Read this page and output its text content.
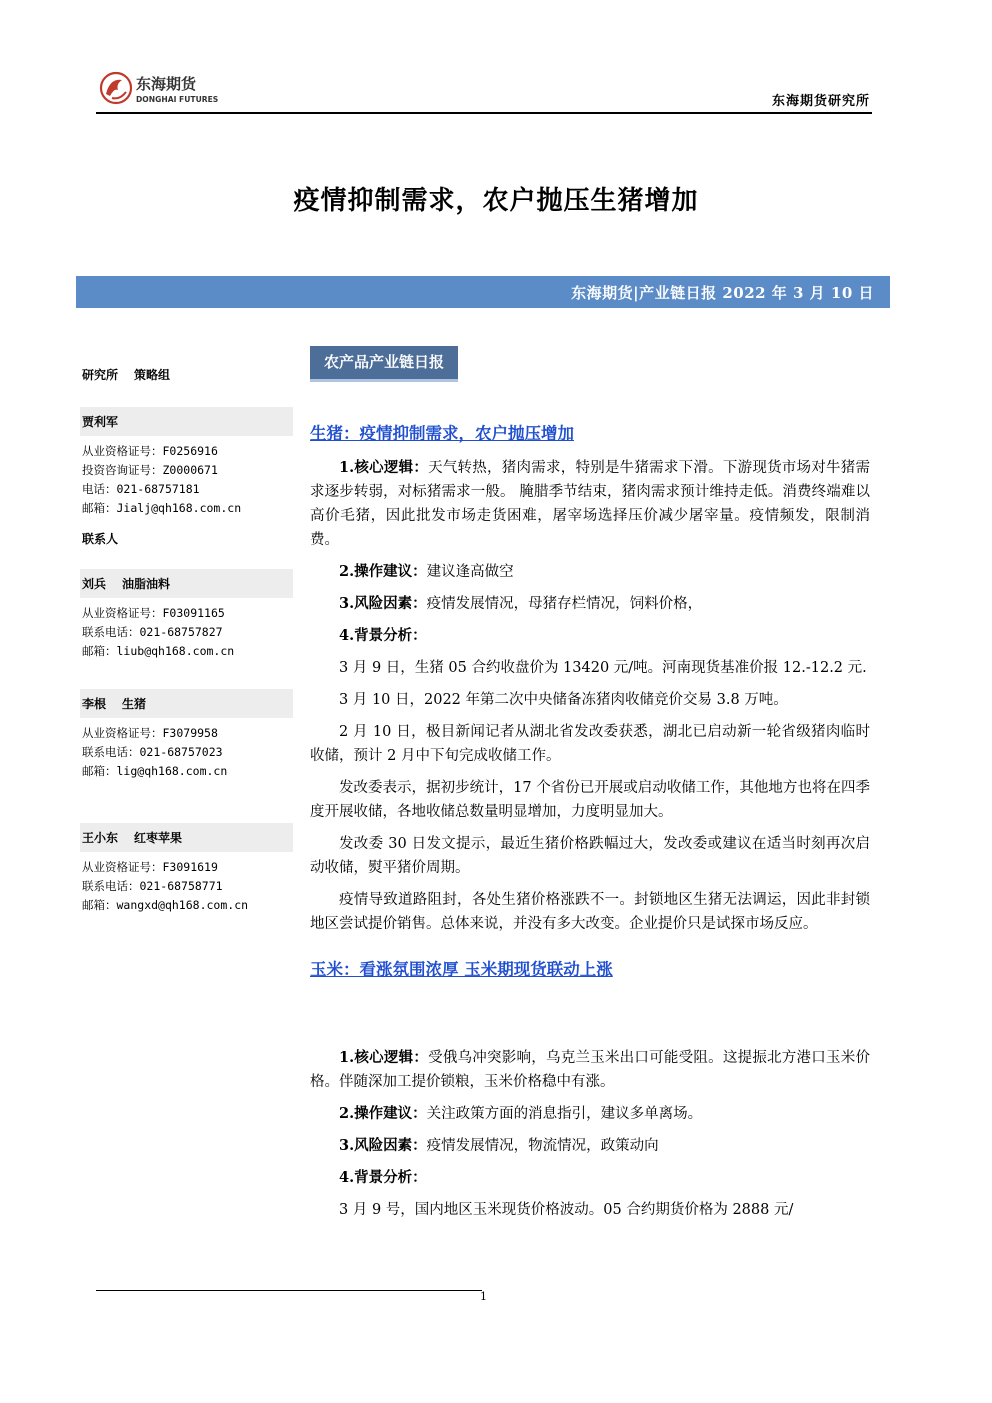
东海期货
DONGHAI FUTURES	东海期货研究所
疫情抑制需求，农户抛压生猪增加
东海期货|产业链日报 2022 年 3 月 10 日
研究所 策略组
贾利军
从业资格证号：F0256916
投资咨询证号：Z0000671
电话：021-68757181
邮箱：Jialj@qh168.com.cn
联系人
刘兵 油脂油料
从业资格证号：F03091165
联系电话：021-68757827
邮箱：liub@qh168.com.cn
李根 生猪
从业资格证号：F3079958
联系电话：021-68757023
邮箱：lig@qh168.com.cn
王小东 红枣苹果
从业资格证号：F3091619
联系电话：021-68758771
邮箱：wangxd@qh168.com.cn
农产品产业链日报
生猪：疫情抑制需求，农户抛压增加

1.核心逻辑：天气转热，猪肉需求，特别是牛猪需求下滑。下游现货市场对牛猪需求逐步转弱，对标猪需求一般。 腌腊季节结束，猪肉需求预计维持走低。消费终端难以高价毛猪，因此批发市场走货困难，屠宰场选择压价减少屠宰量。疫情频发，限制消费。

2.操作建议：建议逢高做空

3.风险因素：疫情发展情况，母猪存栏情况，饲料价格，

4.背景分析：

3 月 9 日，生猪 05 合约收盘价为 13420 元/吨。河南现货基准价报 12.-12.2 元.

3 月 10 日，2022 年第二次中央储备冻猪肉收储竞价交易 3.8 万吨。

2 月 10 日，极目新闻记者从湖北省发改委获悉，湖北已启动新一轮省级猪肉临时收储，预计 2 月中下旬完成收储工作。

发改委表示，据初步统计，17 个省份已开展或启动收储工作，其他地方也将在四季度开展收储，各地收储总数量明显增加，力度明显加大。

发改委 30 日发文提示，最近生猪价格跌幅过大，发改委或建议在适当时刻再次启动收储，熨平猪价周期。

疫情导致道路阻封，各处生猪价格涨跌不一。封锁地区生猪无法调运，因此非封锁地区尝试提价销售。总体来说，并没有多大改变。企业提价只是试探市场反应。

玉米：看涨氛围浓厚 玉米期现货联动上涨

1.核心逻辑：受俄乌冲突影响，乌克兰玉米出口可能受阻。这提振北方港口玉米价格。伴随深加工提价锁粮，玉米价格稳中有涨。

2.操作建议：关注政策方面的消息指引，建议多单离场。

3.风险因素：疫情发展情况，物流情况，政策动向

4.背景分析：

3 月 9 号，国内地区玉米现货价格波动。05 合约期货价格为 2888 元/

1
